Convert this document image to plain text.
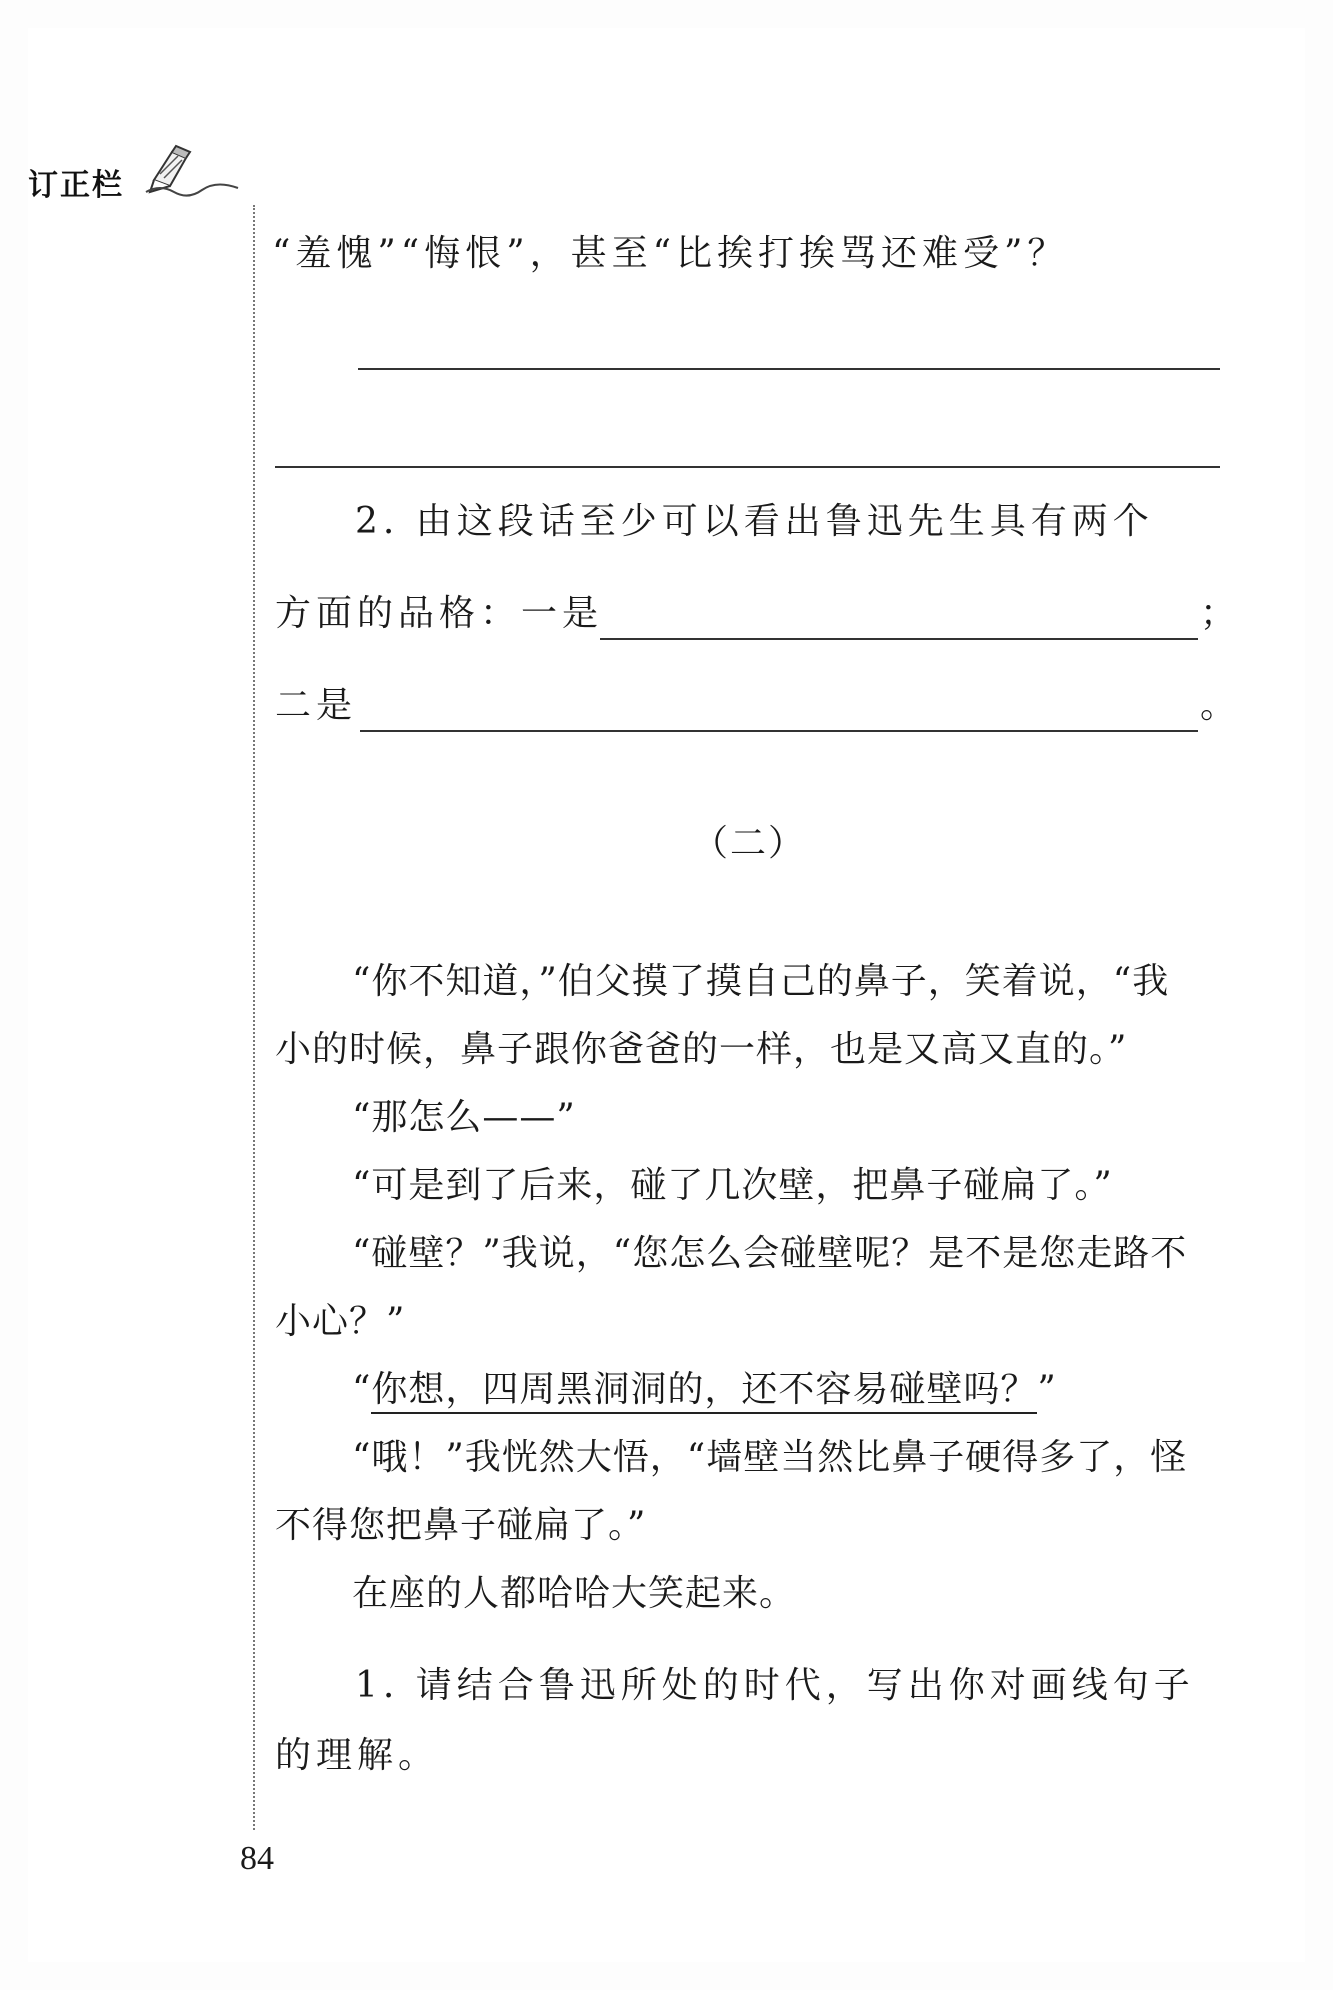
订正栏
“羞愧”“悔恨”，甚至“比挨打挨骂还难受”？
2. 由这段话至少可以看出鲁迅先生具有两个
方面的品格：一是	；
二是	。
（二）
“你不知道，”伯父摸了摸自己的鼻子，笑着说，“我
小的时候，鼻子跟你爸爸的一样，也是又高又直的。”
“那怎么——”
“可是到了后来，碰了几次壁，把鼻子碰扁了。”
“碰壁？”我说，“您怎么会碰壁呢？是不是您走路不
小心？”
“你想，四周黑洞洞的，还不容易碰壁吗？”
“哦！”我恍然大悟，“墙壁当然比鼻子硬得多了，怪
不得您把鼻子碰扁了。”
在座的人都哈哈大笑起来。
1. 请结合鲁迅所处的时代，写出你对画线句子
的理解。
84
